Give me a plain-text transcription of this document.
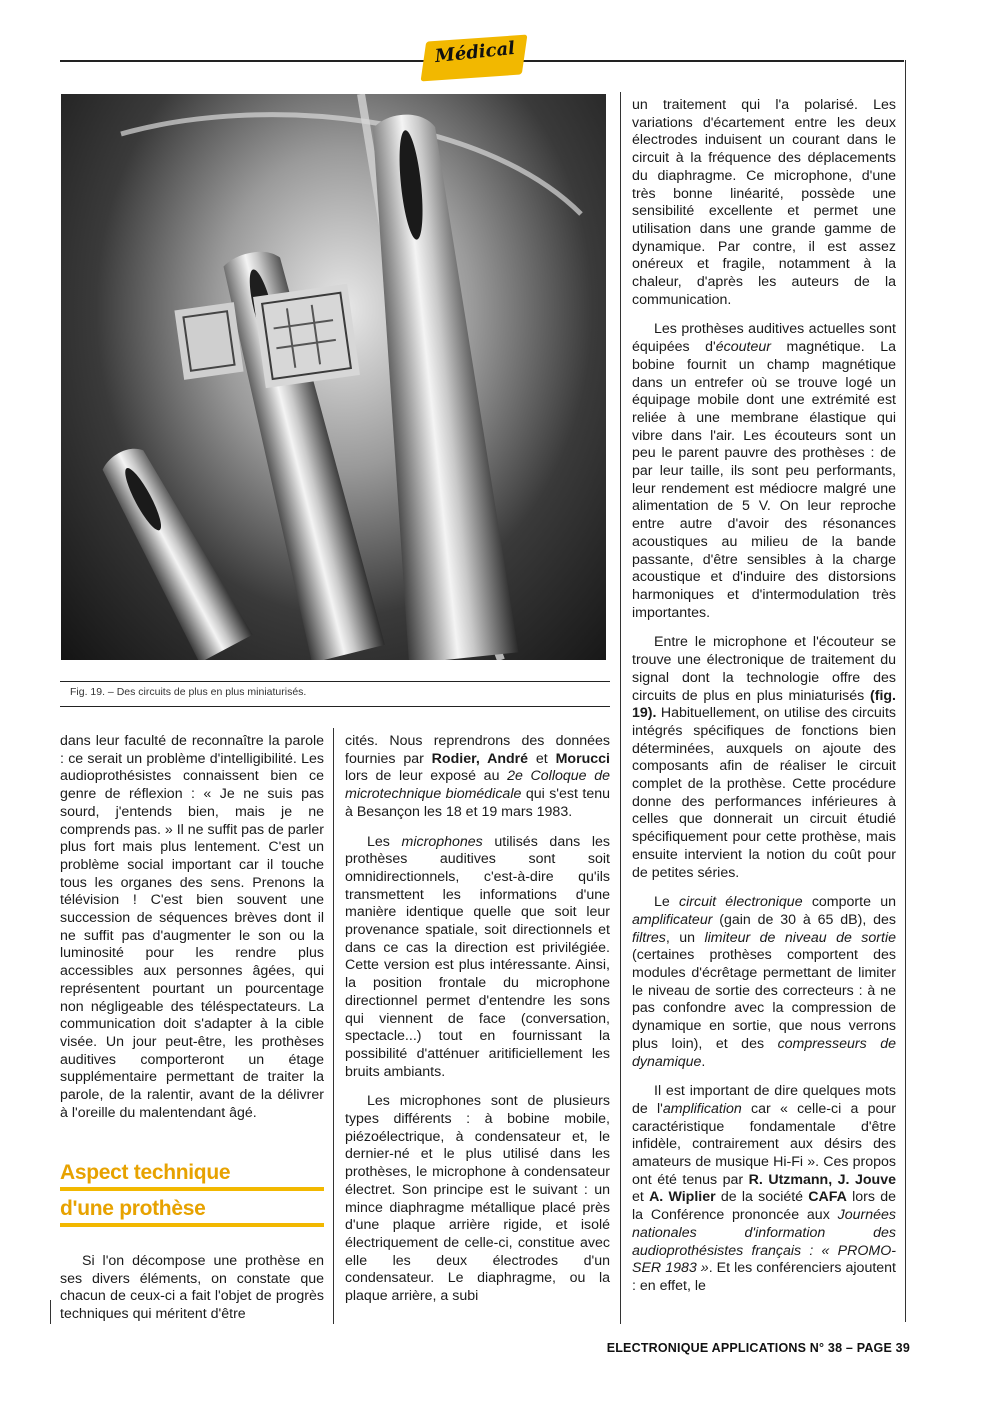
Médical
Fig. 19. – Des circuits de plus en plus miniaturisés.

dans leur faculté de reconnaître la parole : ce serait un problème d'intelligibilité. Les audioprothésistes connaissent bien ce genre de réflexion : « Je ne suis pas sourd, j'entends bien, mais je ne comprends pas. » Il ne suffit pas de parler plus fort mais plus lentement. C'est un problème social important car il touche tous les organes des sens. Prenons la télévision ! C'est bien souvent une succession de séquences brèves dont il ne suffit pas d'augmenter le son ou la luminosité pour les rendre plus accessibles aux personnes âgées, qui représentent pourtant un pourcentage non négligeable des téléspectateurs. La communication doit s'adapter à la cible visée. Un jour peut-être, les prothèses auditives comporteront un étage supplémentaire permettant de traiter la parole, de la ralentir, avant de la délivrer à l'oreille du malentendant âgé.

Aspect technique
d'une prothèse

Si l'on décompose une prothèse en ses divers éléments, on constate que chacun de ceux-ci a fait l'objet de progrès techniques qui méritent d'être

cités. Nous reprendrons des données fournies par Rodier, André et Morucci lors de leur exposé au 2e Colloque de microtechnique biomédicale qui s'est tenu à Besançon les 18 et 19 mars 1983.

Les microphones utilisés dans les prothèses auditives sont soit omnidirectionnels, c'est-à-dire qu'ils transmettent les informations d'une manière identique quelle que soit leur provenance spatiale, soit directionnels et dans ce cas la direction est privilégiée. Cette version est plus intéressante. Ainsi, la position frontale du microphone directionnel permet d'entendre les sons qui viennent de face (conversation, spectacle...) tout en fournissant la possibilité d'atténuer aritificiellement les bruits ambiants.

Les microphones sont de plusieurs types différents : à bobine mobile, piézoélectrique, à condensateur et, le dernier-né et le plus utilisé dans les prothèses, le microphone à condensateur électret. Son principe est le suivant : un mince diaphragme métallique placé près d'une plaque arrière rigide, et isolé électriquement de celle-ci, constitue avec elle les deux électrodes d'un condensateur. Le diaphragme, ou la plaque arrière, a subi

un traitement qui l'a polarisé. Les variations d'écartement entre les deux électrodes induisent un courant dans le circuit à la fréquence des déplacements du diaphragme. Ce microphone, d'une très bonne linéarité, possède une sensibilité excellente et permet une utilisation dans une grande gamme de dynamique. Par contre, il est assez onéreux et fragile, notamment à la chaleur, d'après les auteurs de la communication.

Les prothèses auditives actuelles sont équipées d'écouteur magnétique. La bobine fournit un champ magnétique dans un entrefer où se trouve logé un équipage mobile dont une extrémité est reliée à une membrane élastique qui vibre dans l'air. Les écouteurs sont un peu le parent pauvre des prothèses : de par leur taille, ils sont peu performants, leur rendement est médiocre malgré une alimentation de 5 V. On leur reproche entre autre d'avoir des résonances acoustiques au milieu de la bande passante, d'être sensibles à la charge acoustique et d'induire des distorsions harmoniques et d'intermodulation très importantes.

Entre le microphone et l'écouteur se trouve une électronique de traitement du signal dont la technologie offre des circuits de plus en plus miniaturisés (fig. 19). Habituellement, on utilise des circuits intégrés spécifiques de fonctions bien déterminées, auxquels on ajoute des composants afin de réaliser le circuit complet de la prothèse. Cette procédure donne des performances inférieures à celles que donnerait un circuit étudié spécifiquement pour cette prothèse, mais ensuite intervient la notion du coût pour de petites séries.

Le circuit électronique comporte un amplificateur (gain de 30 à 65 dB), des filtres, un limiteur de niveau de sortie (certaines prothèses comportent des modules d'écrêtage permettant de limiter le niveau de sortie des correcteurs : à ne pas confondre avec la compression de dynamique en sortie, que nous verrons plus loin), et des compresseurs de dynamique.

Il est important de dire quelques mots de l'amplification car « celle-ci a pour caractéristique fondamentale d'être infidèle, contrairement aux désirs des amateurs de musique Hi-Fi ». Ces propos ont été tenus par R. Utzmann, J. Jouve et A. Wiplier de la société CAFA lors de la Conférence prononcée aux Journées nationales d'information des audioprothésistes français : « PROMO-SER 1983 ». Et les conférenciers ajoutent : en effet, le

ELECTRONIQUE APPLICATIONS N° 38 – PAGE 39
